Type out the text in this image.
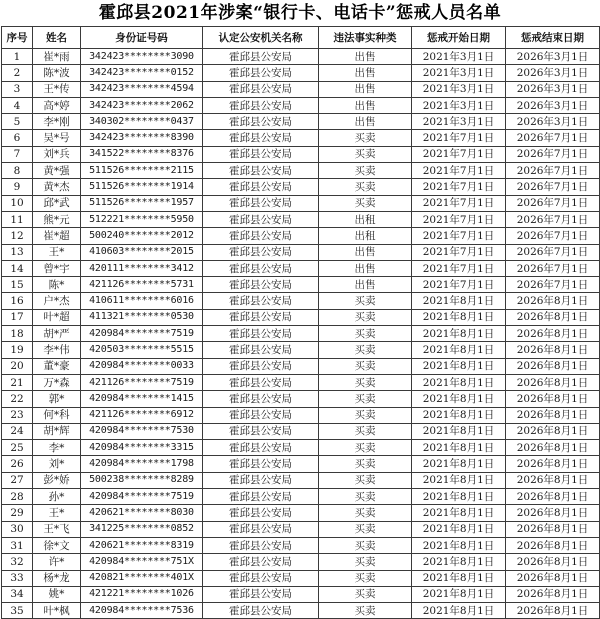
霍邱县2021年涉案“银行卡、电话卡”惩戒人员名单
序号	姓名	身份证号码	认定公安机关名称	违法事实种类	惩戒开始日期	惩戒结束日期
1	崔*雨	342423********3090	霍邱县公安局	出售	2021年3月1日	2026年3月1日
2	陈*波	342423********0152	霍邱县公安局	出售	2021年3月1日	2026年3月1日
3	王*传	342423********4594	霍邱县公安局	出售	2021年3月1日	2026年3月1日
4	高*婷	342423********2062	霍邱县公安局	出售	2021年3月1日	2026年3月1日
5	李*刚	340302********0437	霍邱县公安局	出售	2021年3月1日	2026年3月1日
6	吴*号	342423********8390	霍邱县公安局	买卖	2021年7月1日	2026年7月1日
7	刘*兵	341522********8376	霍邱县公安局	买卖	2021年7月1日	2026年7月1日
8	黄*强	511526********2115	霍邱县公安局	买卖	2021年7月1日	2026年7月1日
9	黄*杰	511526********1914	霍邱县公安局	买卖	2021年7月1日	2026年7月1日
10	邱*武	511526********1957	霍邱县公安局	买卖	2021年7月1日	2026年7月1日
11	熊*元	512221********5950	霍邱县公安局	出租	2021年7月1日	2026年7月1日
12	崔*超	500240********2012	霍邱县公安局	出租	2021年7月1日	2026年7月1日
13	王*	410603********2015	霍邱县公安局	出售	2021年7月1日	2026年7月1日
14	曾*宇	420111********3412	霍邱县公安局	出售	2021年7月1日	2026年7月1日
15	陈*	421126********5731	霍邱县公安局	出售	2021年7月1日	2026年7月1日
16	户*杰	410611********6016	霍邱县公安局	买卖	2021年8月1日	2026年8月1日
17	叶*超	411321********0530	霍邱县公安局	买卖	2021年8月1日	2026年8月1日
18	胡*严	420984********7519	霍邱县公安局	买卖	2021年8月1日	2026年8月1日
19	李*伟	420503********5515	霍邱县公安局	买卖	2021年8月1日	2026年8月1日
20	董*豪	420984********0033	霍邱县公安局	买卖	2021年8月1日	2026年8月1日
21	万*森	421126********7519	霍邱县公安局	买卖	2021年8月1日	2026年8月1日
22	郭*	420984********1415	霍邱县公安局	买卖	2021年8月1日	2026年8月1日
23	何*科	421126********6912	霍邱县公安局	买卖	2021年8月1日	2026年8月1日
24	胡*辉	420984********7530	霍邱县公安局	买卖	2021年8月1日	2026年8月1日
25	李*	420984********3315	霍邱县公安局	买卖	2021年8月1日	2026年8月1日
26	刘*	420984********1798	霍邱县公安局	买卖	2021年8月1日	2026年8月1日
27	彭*娇	500238********8289	霍邱县公安局	买卖	2021年8月1日	2026年8月1日
28	孙*	420984********7519	霍邱县公安局	买卖	2021年8月1日	2026年8月1日
29	王*	420621********8030	霍邱县公安局	买卖	2021年8月1日	2026年8月1日
30	王*飞	341225********0852	霍邱县公安局	买卖	2021年8月1日	2026年8月1日
31	徐*文	420621********8319	霍邱县公安局	买卖	2021年8月1日	2026年8月1日
32	许*	420984********751X	霍邱县公安局	买卖	2021年8月1日	2026年8月1日
33	杨*龙	420821********401X	霍邱县公安局	买卖	2021年8月1日	2026年8月1日
34	姚*	421221********1026	霍邱县公安局	买卖	2021年8月1日	2026年8月1日
35	叶*枫	420984********7536	霍邱县公安局	买卖	2021年8月1日	2026年8月1日
